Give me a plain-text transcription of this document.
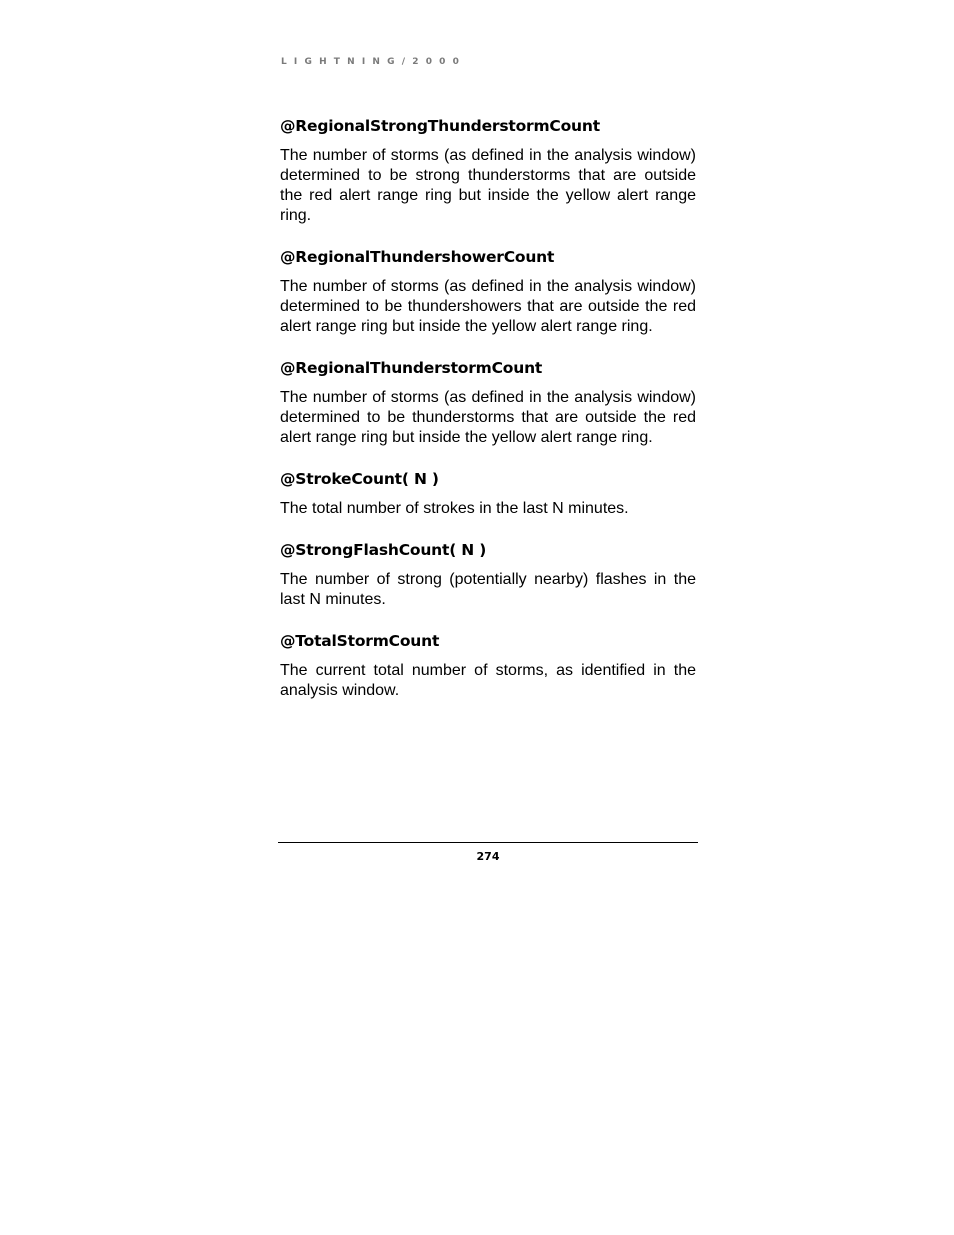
LIGHTNING/2000
@RegionalStrongThunderstormCount

The number of storms (as defined in the analysis window) determined to be strong thunderstorms that are outside the red alert range ring but inside the yellow alert range ring.

@RegionalThundershowerCount

The number of storms (as defined in the analysis window) determined to be thundershowers that are outside the red alert range ring but inside the yellow alert range ring.

@RegionalThunderstormCount

The number of storms (as defined in the analysis window) determined to be thunderstorms that are outside the red alert range ring but inside the yellow alert range ring.

@StrokeCount( N )

The total number of strokes in the last N minutes.

@StrongFlashCount( N )

The number of strong (potentially nearby) flashes in the last N minutes.

@TotalStormCount

The current total number of storms, as identified in the analysis window.

274
